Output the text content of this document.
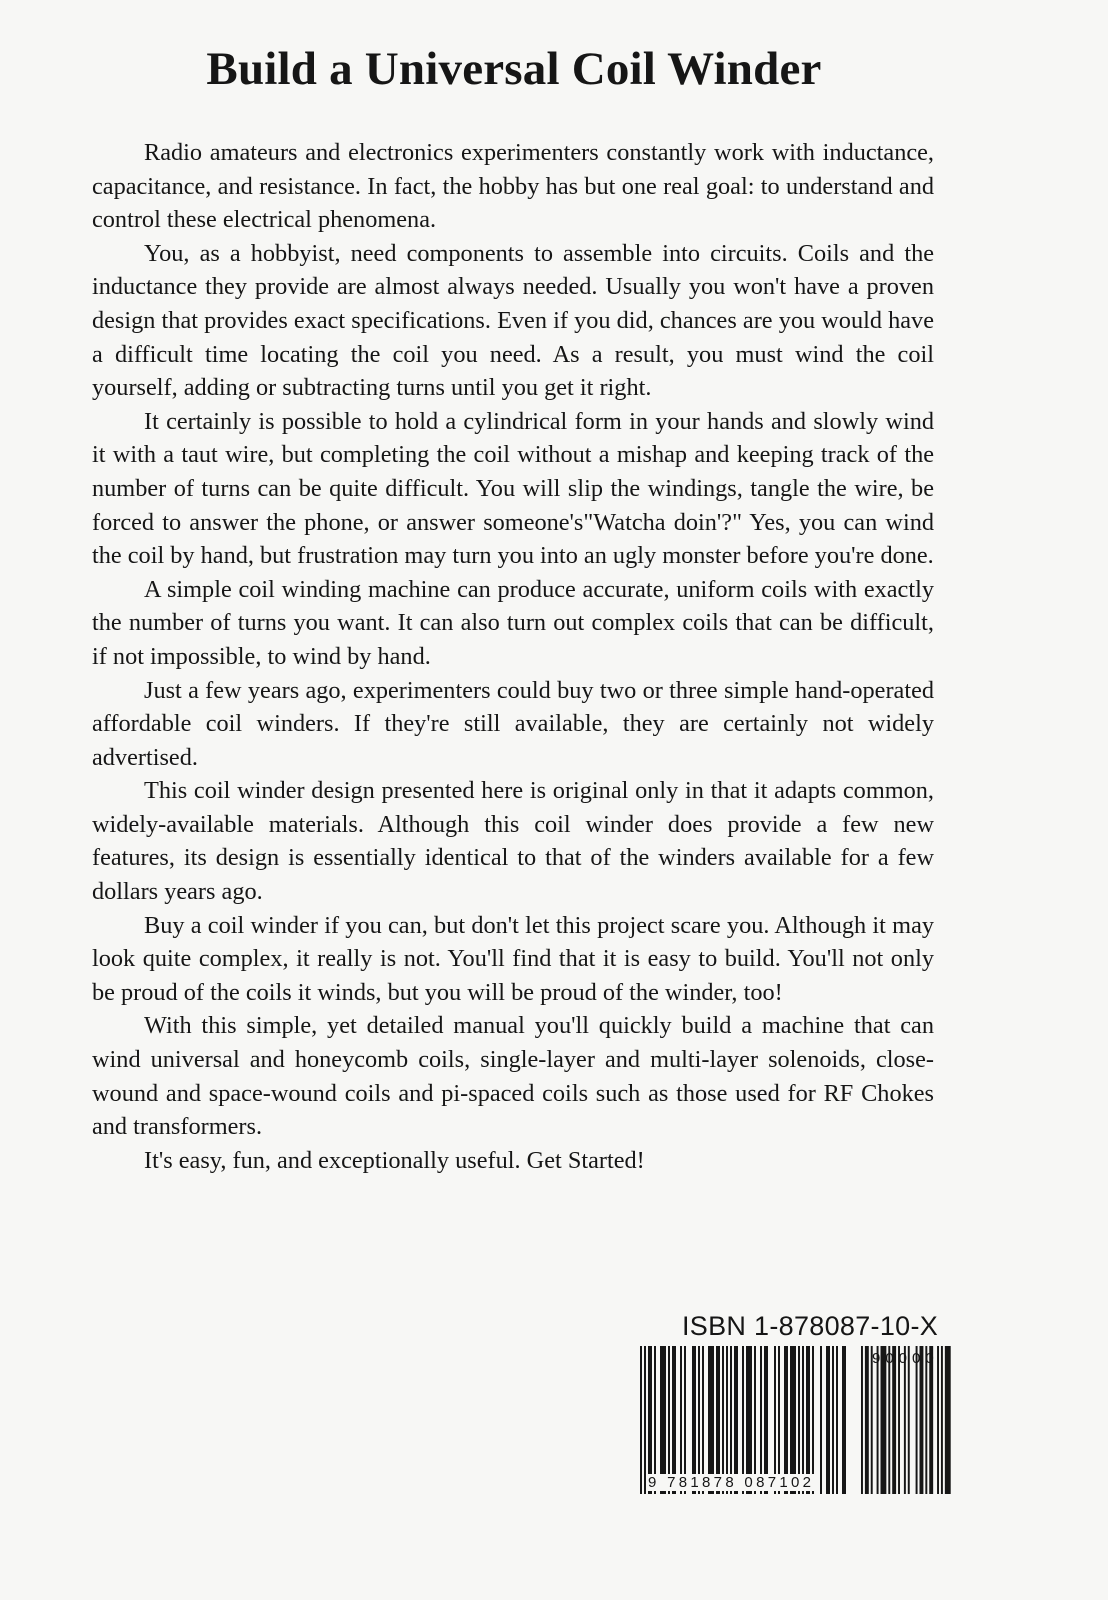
Build a Universal Coil Winder

Radio amateurs and electronics experimenters constantly work with inductance, capacitance, and resistance. In fact, the hobby has but one real goal: to understand and control these electrical phenomena.

You, as a hobbyist, need components to assemble into circuits. Coils and the inductance they provide are almost always needed. Usually you won't have a proven design that provides exact specifications. Even if you did, chances are you would have a difficult time locating the coil you need. As a result, you must wind the coil yourself, adding or subtracting turns until you get it right.

It certainly is possible to hold a cylindrical form in your hands and slowly wind it with a taut wire, but completing the coil without a mishap and keeping track of the number of turns can be quite difficult. You will slip the windings, tangle the wire, be forced to answer the phone, or answer someone's"Watcha doin'?" Yes, you can wind the coil by hand, but frustration may turn you into an ugly monster before you're done.

A simple coil winding machine can produce accurate, uniform coils with exactly the number of turns you want. It can also turn out complex coils that can be difficult, if not impossible, to wind by hand.

Just a few years ago, experimenters could buy two or three simple hand-operated affordable coil winders. If they're still available, they are certainly not widely advertised.

This coil winder design presented here is original only in that it adapts common, widely-available materials. Although this coil winder does provide a few new features, its design is essentially identical to that of the winders available for a few dollars years ago.

Buy a coil winder if you can, but don't let this project scare you. Although it may look quite complex, it really is not. You'll find that it is easy to build. You'll not only be proud of the coils it winds, but you will be proud of the winder, too!

With this simple, yet detailed manual you'll quickly build a machine that can wind universal and honeycomb coils, single-layer and multi-layer solenoids, close-wound and space-wound coils and pi-spaced coils such as those used for RF Chokes and transformers.

It's easy, fun, and exceptionally useful. Get Started!

ISBN 1-878087-10-X
9 781878 087102
90000
